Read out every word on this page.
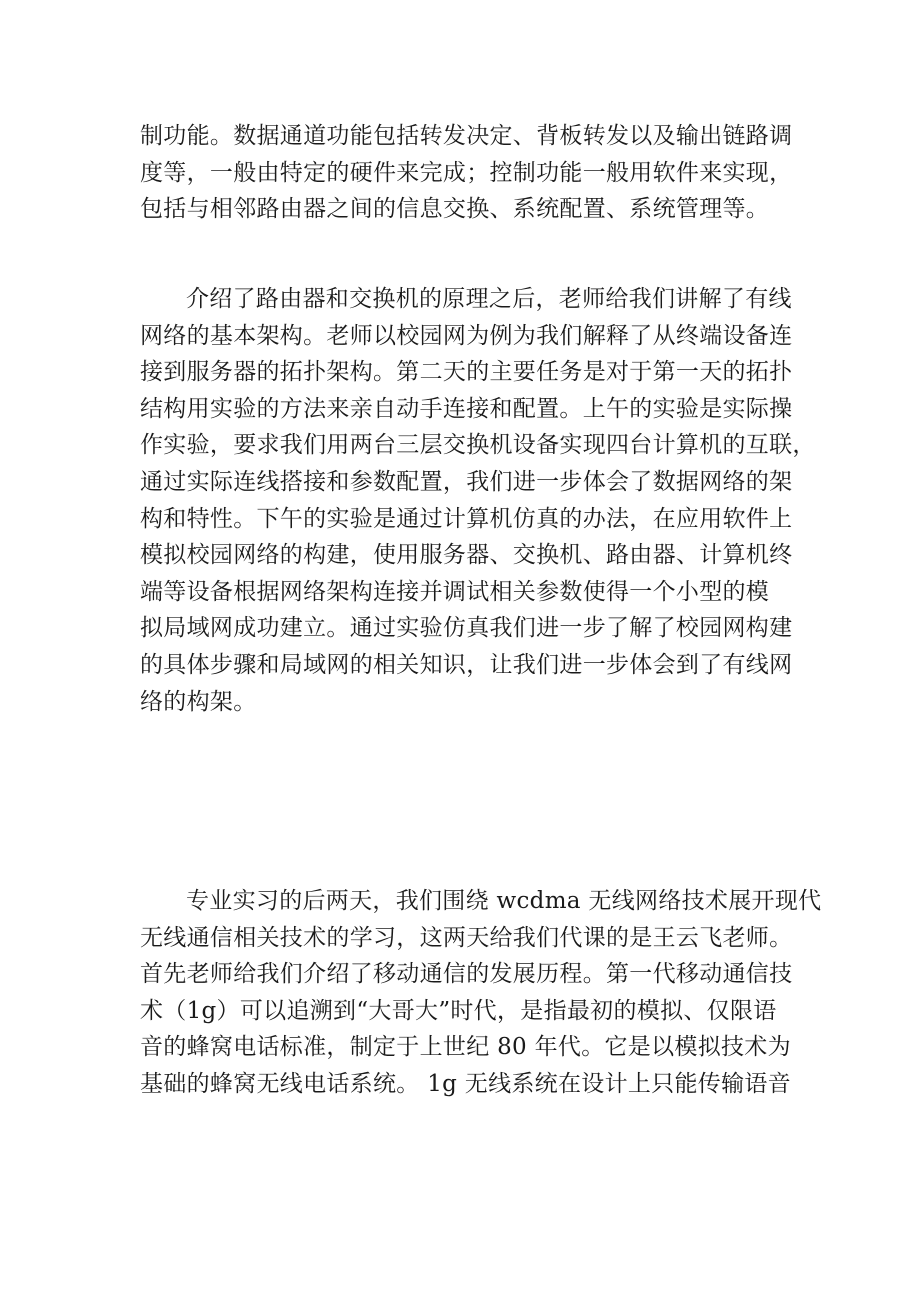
制功能。数据通道功能包括转发决定、背板转发以及输出链路调
度等，一般由特定的硬件来完成；控制功能一般用软件来实现，
包括与相邻路由器之间的信息交换、系统配置、系统管理等。
介绍了路由器和交换机的原理之后，老师给我们讲解了有线
网络的基本架构。老师以校园网为例为我们解释了从终端设备连
接到服务器的拓扑架构。第二天的主要任务是对于第一天的拓扑
结构用实验的方法来亲自动手连接和配置。上午的实验是实际操
作实验，要求我们用两台三层交换机设备实现四台计算机的互联，
通过实际连线搭接和参数配置，我们进一步体会了数据网络的架
构和特性。下午的实验是通过计算机仿真的办法，在应用软件上
模拟校园网络的构建，使用服务器、交换机、路由器、计算机终
端等设备根据网络架构连接并调试相关参数使得一个小型的模
拟局域网成功建立。通过实验仿真我们进一步了解了校园网构建
的具体步骤和局域网的相关知识，让我们进一步体会到了有线网
络的构架。
专业实习的后两天，我们围绕 wcdma 无线网络技术展开现代
无线通信相关技术的学习，这两天给我们代课的是王云飞老师。
首先老师给我们介绍了移动通信的发展历程。第一代移动通信技
术（1g）可以追溯到“大哥大”时代，是指最初的模拟、仅限语
音的蜂窝电话标准，制定于上世纪 80 年代。它是以模拟技术为
基础的蜂窝无线电话系统。 1g 无线系统在设计上只能传输语音
